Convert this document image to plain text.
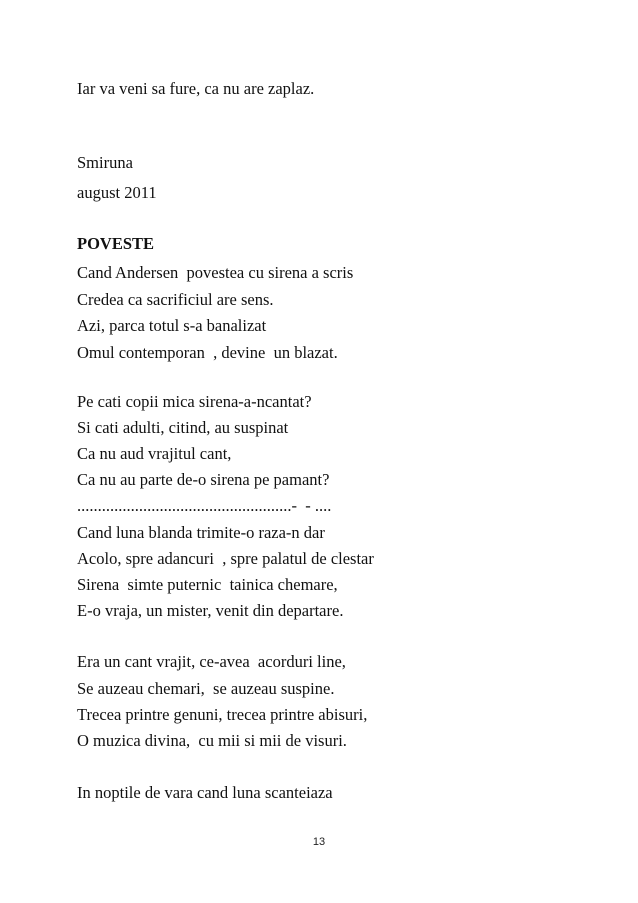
Iar va veni sa fure, ca nu are zaplaz.
Smiruna
august 2011
POVESTE
Cand Andersen  povestea cu sirena a scris
Credea ca sacrificiul are sens.
Azi, parca totul s-a banalizat
Omul contemporan  , devine  un blazat.
Pe cati copii mica sirena-a-ncantat?
Si cati adulti, citind, au suspinat
Ca nu aud vrajitul cant,
Ca nu au parte de-o sirena pe pamant?
....................................................-  - ....
Cand luna blanda trimite-o raza-n dar
Acolo, spre adancuri  , spre palatul de clestar
Sirena  simte puternic  tainica chemare,
E-o vraja, un mister, venit din departare.
Era un cant vrajit, ce-avea  acorduri line,
Se auzeau chemari,  se auzeau suspine.
Trecea printre genuni, trecea printre abisuri,
O muzica divina,  cu mii si mii de visuri.
In noptile de vara cand luna scanteiaza
13
